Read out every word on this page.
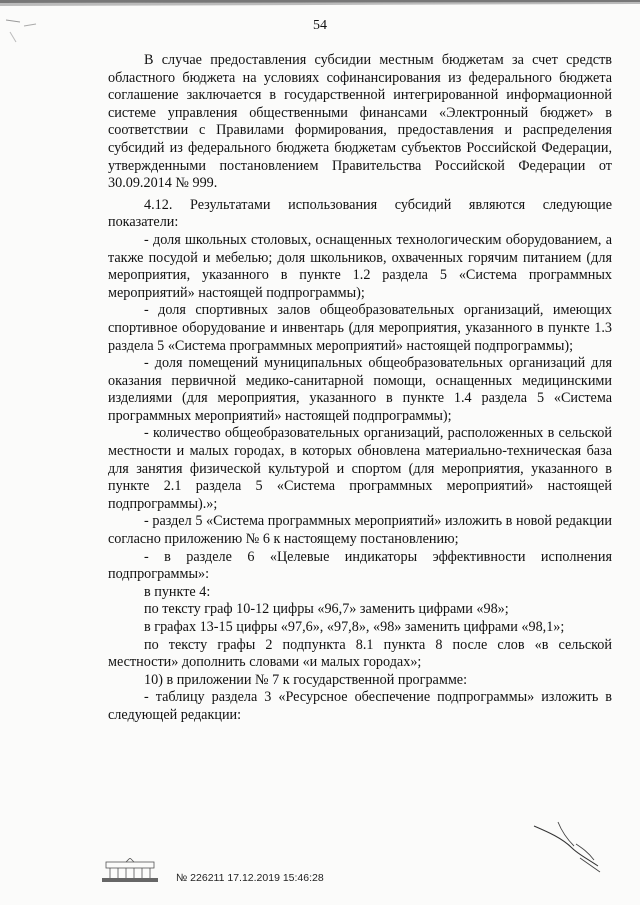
54

В случае предоставления субсидии местным бюджетам за счет средств областного бюджета на условиях софинансирования из федерального бюджета соглашение заключается в государственной интегрированной информационной системе управления общественными финансами «Электронный бюджет» в соответствии с Правилами формирования, предоставления и распределения субсидий из федерального бюджета бюджетам субъектов Российской Федерации, утвержденными постановлением Правительства Российской Федерации от 30.09.2014 № 999.

4.12. Результатами использования субсидий являются следующие показатели:

- доля школьных столовых, оснащенных технологическим оборудованием, а также посудой и мебелью; доля школьников, охваченных горячим питанием (для мероприятия, указанного в пункте 1.2 раздела 5 «Система программных мероприятий» настоящей подпрограммы);

- доля спортивных залов общеобразовательных организаций, имеющих спортивное оборудование и инвентарь (для мероприятия, указанного в пункте 1.3 раздела 5 «Система программных мероприятий» настоящей подпрограммы);

- доля помещений муниципальных общеобразовательных организаций для оказания первичной медико-санитарной помощи, оснащенных медицинскими изделиями (для мероприятия, указанного в пункте 1.4 раздела 5 «Система программных мероприятий» настоящей подпрограммы);

- количество общеобразовательных организаций, расположенных в сельской местности и малых городах, в которых обновлена материально-техническая база для занятия физической культурой и спортом (для мероприятия, указанного в пункте 2.1 раздела 5 «Система программных мероприятий» настоящей подпрограммы).»;

- раздел 5 «Система программных мероприятий» изложить в новой редакции согласно приложению № 6 к настоящему постановлению;

- в разделе 6 «Целевые индикаторы эффективности исполнения подпрограммы»:

в пункте 4:

по тексту граф 10-12 цифры «96,7» заменить цифрами «98»;

в графах 13-15 цифры «97,6», «97,8», «98» заменить цифрами «98,1»;

по тексту графы 2 подпункта 8.1 пункта 8 после слов «в сельской местности» дополнить словами «и малых городах»;

10) в приложении № 7 к государственной программе:

- таблицу раздела 3 «Ресурсное обеспечение подпрограммы» изложить в следующей редакции:

№ 226211 17.12.2019 15:46:28
